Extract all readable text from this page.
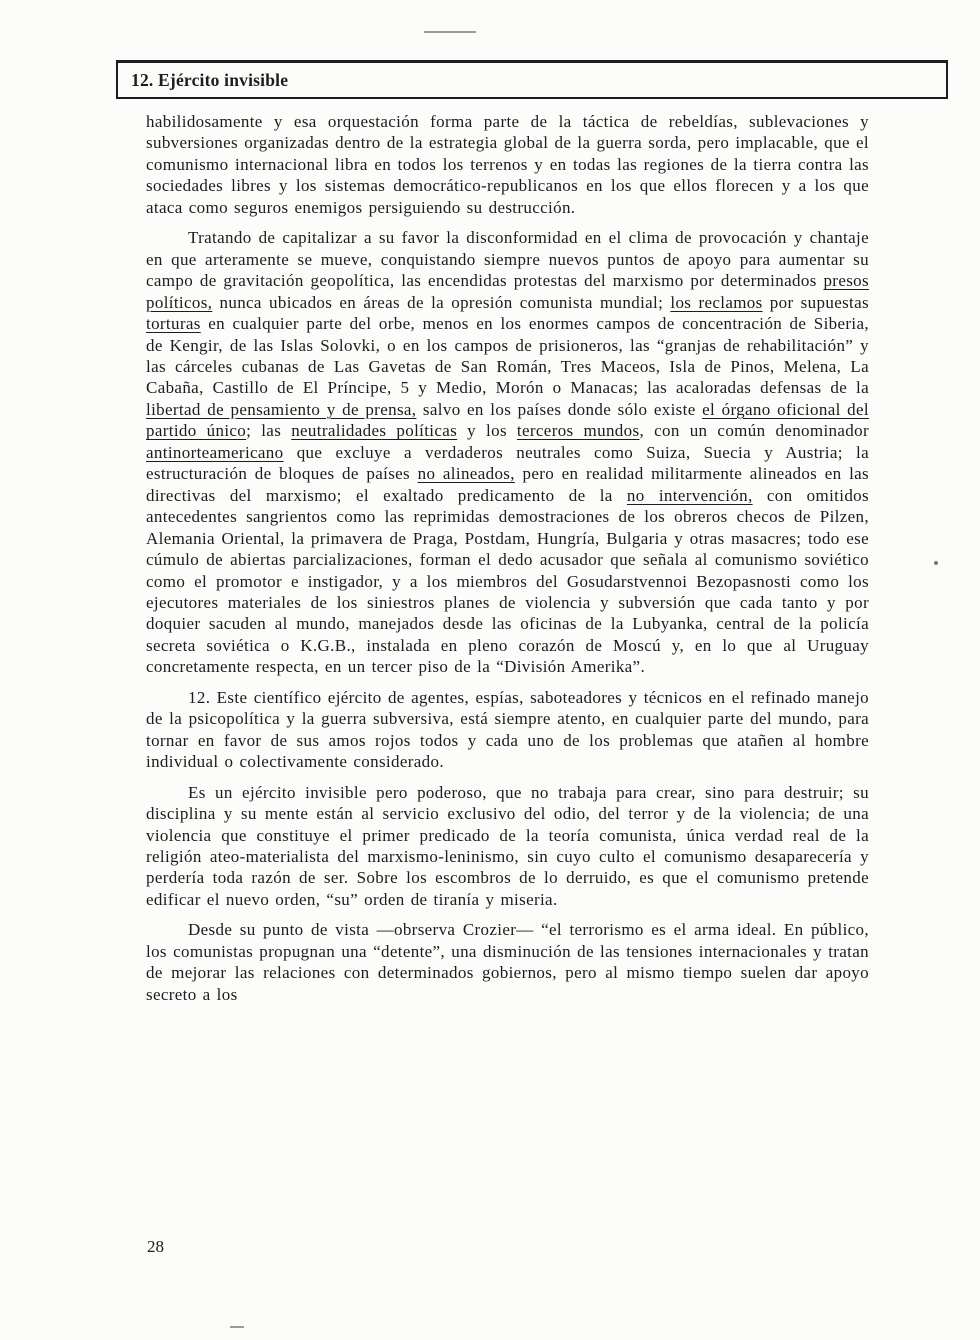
12. Ejército invisible

habilidosamente y esa orquestación forma parte de la táctica de rebeldías, sublevaciones y subversiones organizadas dentro de la estrategia global de la guerra sorda, pero implacable, que el comunismo internacional libra en todos los terrenos y en todas las regiones de la tierra contra las sociedades libres y los sistemas democrático-republicanos en los que ellos florecen y a los que ataca como seguros enemigos persiguiendo su destrucción.

Tratando de capitalizar a su favor la disconformidad en el clima de provocación y chantaje en que arteramente se mueve, conquistando siempre nuevos puntos de apoyo para aumentar su campo de gravitación geopolítica, las encendidas protestas del marxismo por determinados presos políticos, nunca ubicados en áreas de la opresión comunista mundial; los reclamos por supuestas torturas en cualquier parte del orbe, menos en los enormes campos de concentración de Siberia, de Kengir, de las Islas Solovki, o en los campos de prisioneros, las “granjas de rehabilitación” y las cárceles cubanas de Las Gavetas de San Román, Tres Maceos, Isla de Pinos, Melena, La Cabaña, Castillo de El Príncipe, 5 y Medio, Morón o Manacas; las acaloradas defensas de la libertad de pensamiento y de prensa, salvo en los países donde sólo existe el órgano oficional del partido único; las neutralidades políticas y los terceros mundos, con un común denominador antinorteamericano que excluye a verdaderos neutrales como Suiza, Suecia y Austria; la estructuración de bloques de países no alineados, pero en realidad militarmente alineados en las directivas del marxismo; el exaltado predicamento de la no intervención, con omitidos antecedentes sangrientos como las reprimidas demostraciones de los obreros checos de Pilzen, Alemania Oriental, la primavera de Praga, Postdam, Hungría, Bulgaria y otras masacres; todo ese cúmulo de abiertas parcializaciones, forman el dedo acusador que señala al comunismo soviético como el promotor e instigador, y a los miembros del Gosudarstvennoi Bezopasnosti como los ejecutores materiales de los siniestros planes de violencia y subversión que cada tanto y por doquier sacuden al mundo, manejados desde las oficinas de la Lubyanka, central de la policía secreta soviética o K.G.B., instalada en pleno corazón de Moscú y, en lo que al Uruguay concretamente respecta, en un tercer piso de la “División Amerika”.

12. Este científico ejército de agentes, espías, saboteadores y técnicos en el refinado manejo de la psicopolítica y la guerra subversiva, está siempre atento, en cualquier parte del mundo, para tornar en favor de sus amos rojos todos y cada uno de los problemas que atañen al hombre individual o colectivamente considerado.

Es un ejército invisible pero poderoso, que no trabaja para crear, sino para destruir; su disciplina y su mente están al servicio exclusivo del odio, del terror y de la violencia; de una violencia que constituye el primer predicado de la teoría comunista, única verdad real de la religión ateo-materialista del marxismo-leninismo, sin cuyo culto el comunismo desaparecería y perdería toda razón de ser. Sobre los escombros de lo derruido, es que el comunismo pretende edificar el nuevo orden, “su” orden de tiranía y miseria.

Desde su punto de vista —obrserva Crozier— “el terrorismo es el arma ideal. En público, los comunistas propugnan una “detente”, una disminución de las tensiones internacionales y tratan de mejorar las relaciones con determinados gobiernos, pero al mismo tiempo suelen dar apoyo secreto a los

28
